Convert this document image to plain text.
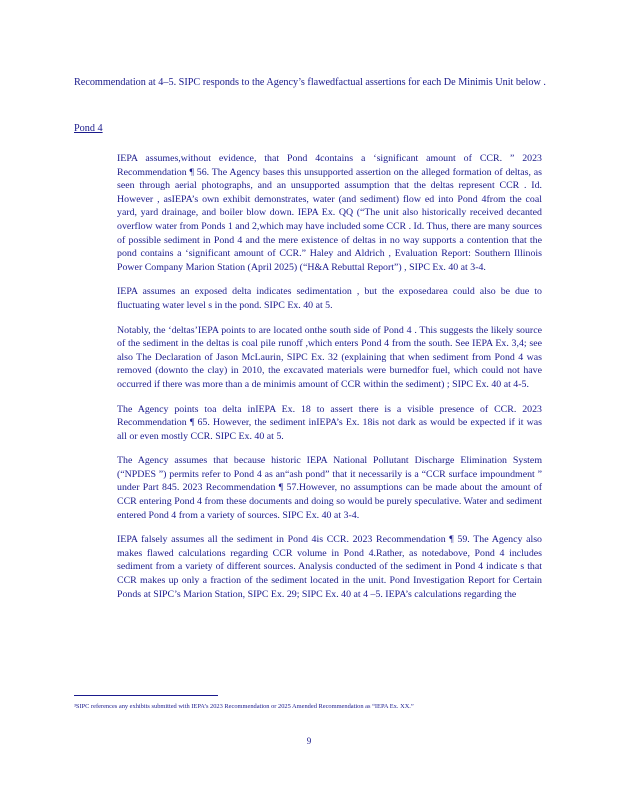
Recommendation at 4–5. SIPC responds to the Agency’s flawedfactual assertions for each De Minimis Unit below .

Pond 4
IEPA assumes,without evidence, that Pond 4contains a ‘significant amount of CCR. ” 2023 Recommendation ¶ 56. The Agency bases this unsupported assertion on the alleged formation of deltas, as seen through aerial photographs, and an unsupported assumption that the deltas represent CCR . Id. However , asIEPA’s own exhibit demonstrates, water (and sediment) flow ed into Pond 4from the coal yard, yard drainage, and boiler blow down. IEPA Ex. QQ (“The unit also historically received decanted overflow water from Ponds 1 and 2,which may have included some CCR . Id. Thus, there are many sources of possible sediment in Pond 4 and the mere existence of deltas in no way supports a contention that the pond contains a ‘significant amount of CCR.” Haley and Aldrich , Evaluation Report: Southern Illinois Power Company Marion Station (April 2025) (“H&A Rebuttal Report”) , SIPC Ex. 40 at 3-4.
IEPA assumes an exposed delta indicates sedimentation , but the exposedarea could also be due to fluctuating water level s in the pond. SIPC Ex. 40 at 5.
Notably, the ‘deltas’IEPA points to are located onthe south side of Pond 4 . This suggests the likely source of the sediment in the deltas is coal pile runoff ,which enters Pond 4 from the south. See IEPA Ex. 3,4; see also The Declaration of Jason McLaurin, SIPC Ex. 32 (explaining that when sediment from Pond 4 was removed (downto the clay) in 2010, the excavated materials were burnedfor fuel, which could not have occurred if there was more than a de minimis amount of CCR within the sediment) ; SIPC Ex. 40 at 4-5.
The Agency points toa delta inIEPA Ex. 18 to assert there is a visible presence of CCR. 2023 Recommendation ¶ 65. However, the sediment inIEPA’s Ex. 18is not dark as would be expected if it was all or even mostly CCR. SIPC Ex. 40 at 5.
The Agency assumes that because historic IEPA National Pollutant Discharge Elimination System (“NPDES ”) permits refer to Pond 4 as an“ash pond” that it necessarily is a “CCR surface impoundment ” under Part 845. 2023 Recommendation ¶ 57.However, no assumptions can be made about the amount of CCR entering Pond 4 from these documents and doing so would be purely speculative. Water and sediment entered Pond 4 from a variety of sources. SIPC Ex. 40 at 3-4.
IEPA falsely assumes all the sediment in Pond 4is CCR. 2023 Recommendation ¶ 59. The Agency also makes flawed calculations regarding CCR volume in Pond 4.Rather, as notedabove, Pond 4 includes sediment from a variety of different sources. Analysis conducted of the sediment in Pond 4 indicate s that CCR makes up only a fraction of the sediment located in the unit. Pond Investigation Report for Certain Ponds at SIPC’s Marion Station, SIPC Ex. 29; SIPC Ex. 40 at 4 –5. IEPA’s calculations regarding the
³SIPC references any exhibits submitted with IEPA’s 2023 Recommendation or 2025 Amended Recommendation as “IEPA Ex. XX.”
9
